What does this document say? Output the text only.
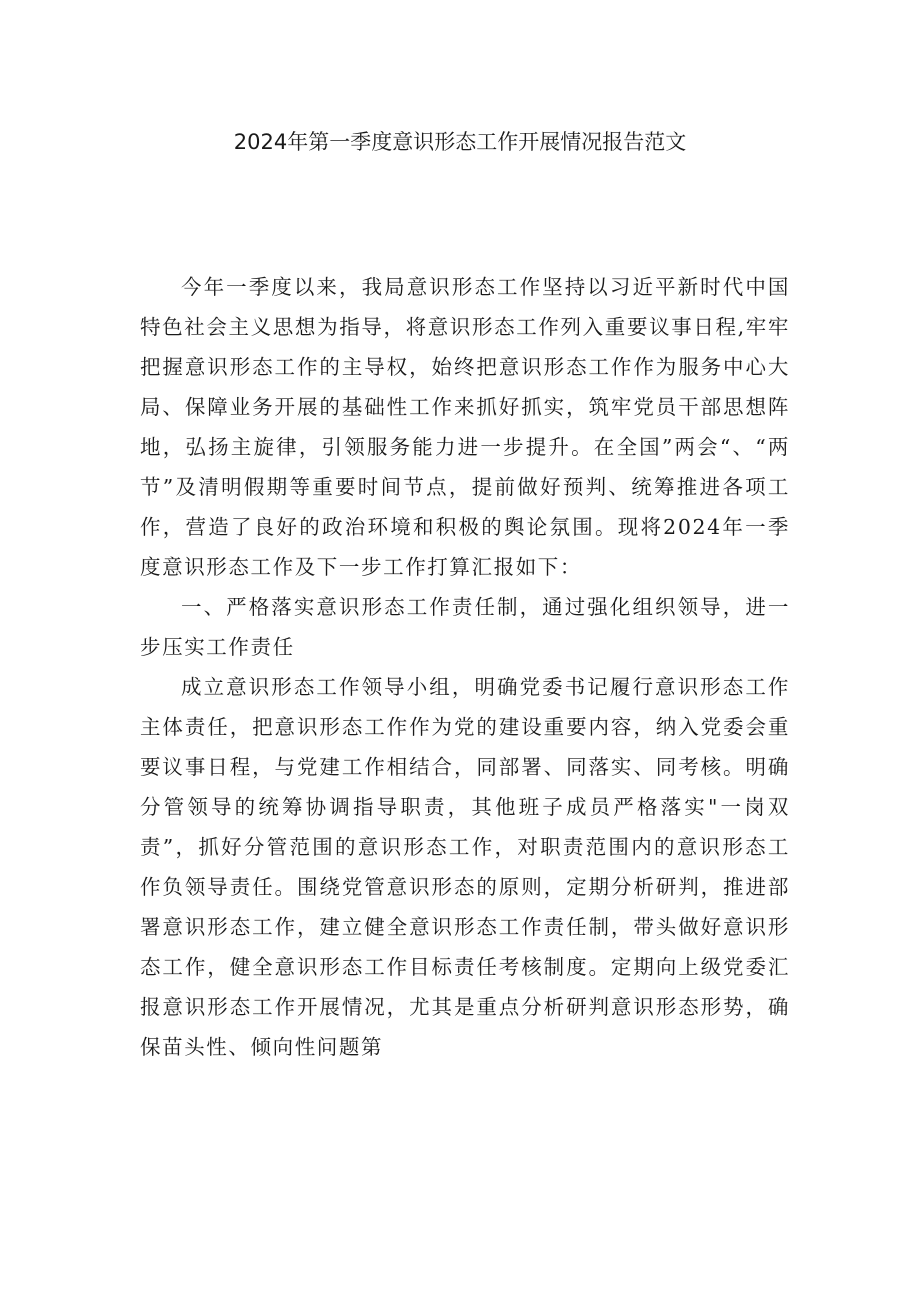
2024年第一季度意识形态工作开展情况报告范文

今年一季度以来，我局意识形态工作坚持以习近平新时代中国特色社会主义思想为指导，将意识形态工作列入重要议事日程,牢牢把握意识形态工作的主导权，始终把意识形态工作作为服务中心大局、保障业务开展的基础性工作来抓好抓实，筑牢党员干部思想阵地，弘扬主旋律，引领服务能力进一步提升。在全国”两会“、“两节”及清明假期等重要时间节点，提前做好预判、统筹推进各项工作，营造了良好的政治环境和积极的舆论氛围。现将2024年一季度意识形态工作及下一步工作打算汇报如下：

一、严格落实意识形态工作责任制，通过强化组织领导，进一步压实工作责任

成立意识形态工作领导小组，明确党委书记履行意识形态工作主体责任，把意识形态工作作为党的建设重要内容，纳入党委会重要议事日程，与党建工作相结合，同部署、同落实、同考核。明确分管领导的统筹协调指导职责，其他班子成员严格落实"一岗双责”，抓好分管范围的意识形态工作，对职责范围内的意识形态工作负领导责任。围绕党管意识形态的原则，定期分析研判，推进部署意识形态工作，建立健全意识形态工作责任制，带头做好意识形态工作，健全意识形态工作目标责任考核制度。定期向上级党委汇报意识形态工作开展情况，尤其是重点分析研判意识形态形势，确保苗头性、倾向性问题第
